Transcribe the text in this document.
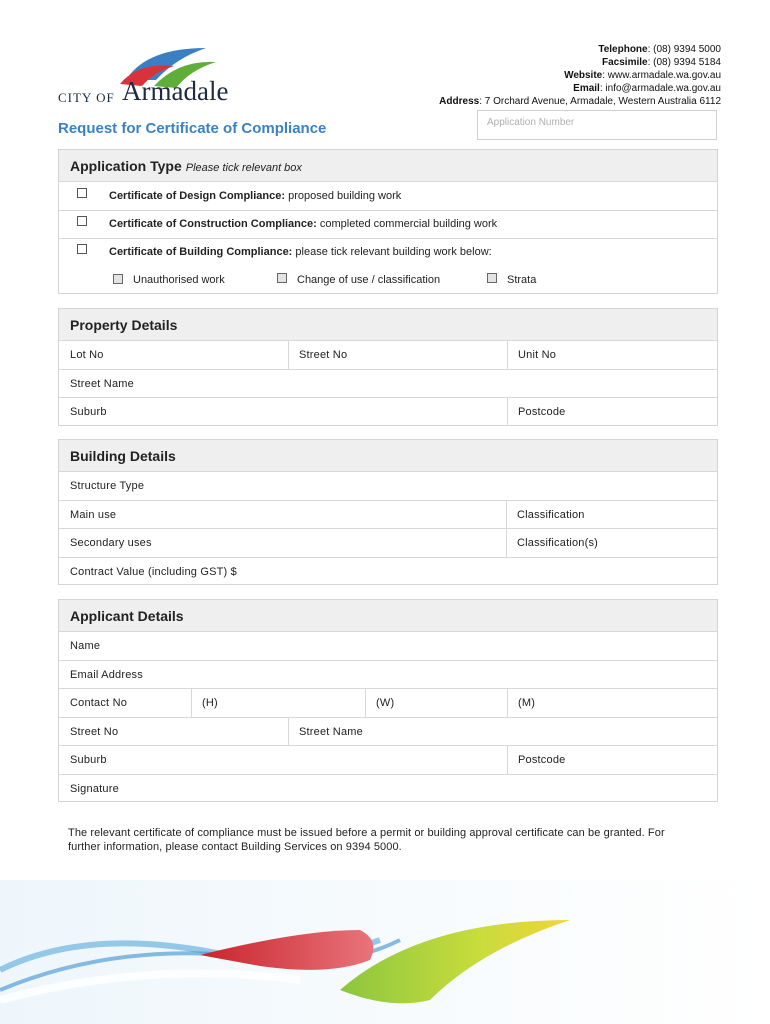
CITY OF Armadale
Telephone: (08) 9394 5000
Facsimile: (08) 9394 5184
Website: www.armadale.wa.gov.au
Email: info@armadale.wa.gov.au
Address: 7 Orchard Avenue, Armadale, Western Australia 6112
Request for Certificate of Compliance	Application Number
Application Type Please tick relevant box
Certificate of Design Compliance: proposed building work
Certificate of Construction Compliance: completed commercial building work
Certificate of Building Compliance: please tick relevant building work below:
Unauthorised work	Change of use / classification	Strata
Property Details
Lot No	Street No	Unit No
Street Name
Suburb	Postcode
Building Details
Structure Type
Main use	Classification
Secondary uses	Classification(s)
Contract Value (including GST) $
Applicant Details
Name
Email Address
Contact No	(H)	(W)	(M)
Street No	Street Name
Suburb	Postcode
Signature
The relevant certificate of compliance must be issued before a permit or building approval certificate can be granted. For further information, please contact Building Services on 9394 5000.
